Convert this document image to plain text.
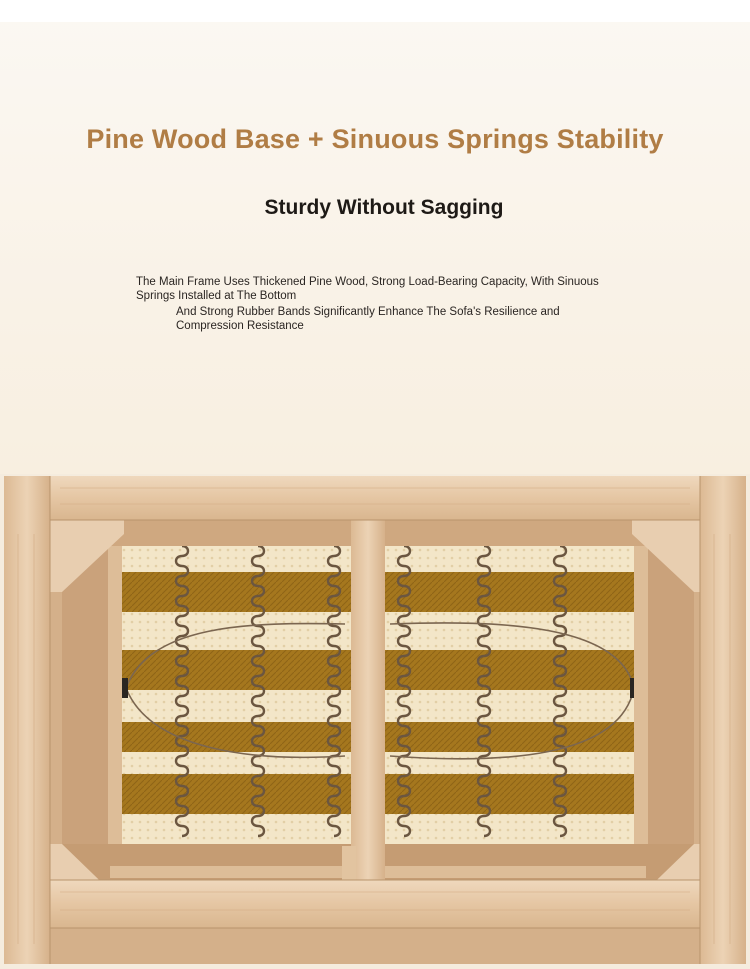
Pine Wood Base + Sinuous Springs Stability
Sturdy Without Sagging

The Main Frame Uses Thickened Pine Wood, Strong Load-Bearing Capacity, With Sinuous Springs Installed at The Bottom

And Strong Rubber Bands Significantly Enhance The Sofa's Resilience and Compression Resistance
